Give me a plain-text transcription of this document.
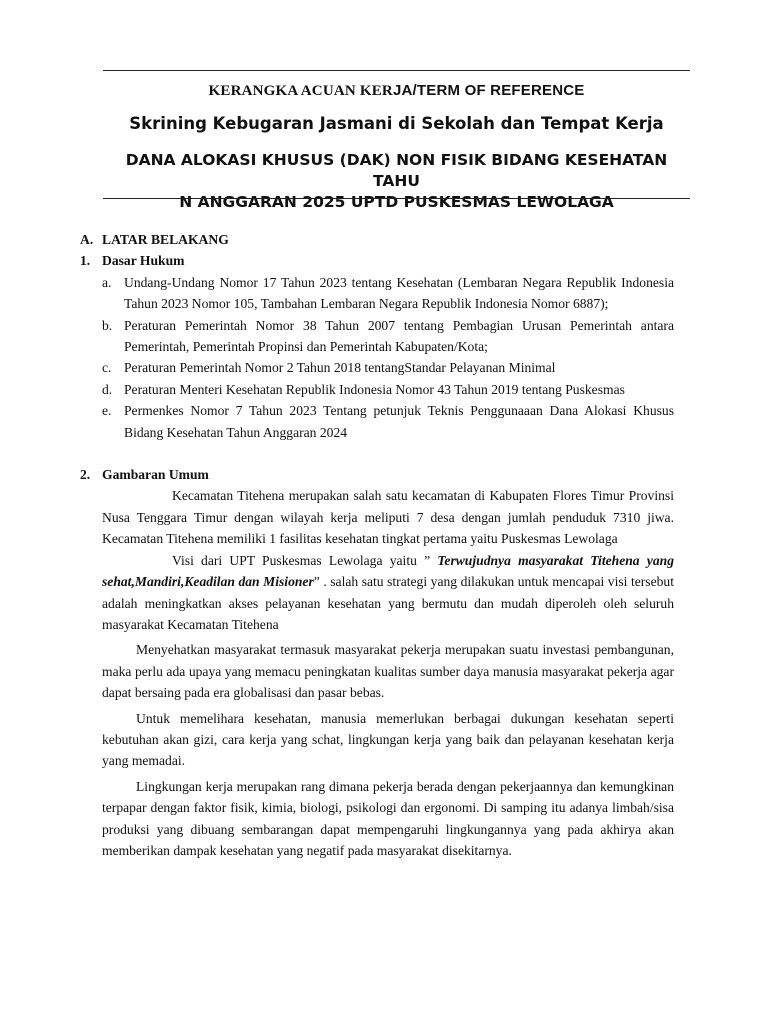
KERANGKA ACUAN KERJA/TERM OF REFERENCE
Skrining Kebugaran Jasmani di Sekolah dan Tempat Kerja
DANA ALOKASI KHUSUS (DAK) NON FISIK BIDANG KESEHATAN TAHU
N ANGGARAN 2025 UPTD PUSKESMAS LEWOLAGA
A. LATAR BELAKANG
1. Dasar Hukum
a. Undang-Undang Nomor 17 Tahun 2023 tentang Kesehatan (Lembaran Negara Republik Indonesia Tahun 2023 Nomor 105, Tambahan Lembaran Negara Republik Indonesia Nomor 6887);
b. Peraturan Pemerintah Nomor 38 Tahun 2007 tentang Pembagian Urusan Pemerintah antara Pemerintah, Pemerintah Propinsi dan Pemerintah Kabupaten/Kota;
c. Peraturan Pemerintah Nomor 2 Tahun 2018 tentangStandar Pelayanan Minimal
d. Peraturan Menteri Kesehatan Republik Indonesia Nomor 43 Tahun 2019 tentang Puskesmas
e. Permenkes Nomor 7 Tahun 2023 Tentang petunjuk Teknis Penggunaaan Dana Alokasi Khusus Bidang Kesehatan Tahun Anggaran 2024
2. Gambaran Umum

Kecamatan Titehena merupakan salah satu kecamatan di Kabupaten Flores Timur Provinsi Nusa Tenggara Timur dengan wilayah kerja meliputi 7 desa dengan jumlah penduduk 7310 jiwa. Kecamatan Titehena memiliki 1 fasilitas kesehatan tingkat pertama yaitu Puskesmas Lewolaga

Visi dari UPT Puskesmas Lewolaga yaitu ” Terwujudnya masyarakat Titehena yang sehat,Mandiri,Keadilan dan Misioner” . salah satu strategi yang dilakukan untuk mencapai visi tersebut adalah meningkatkan akses pelayanan kesehatan yang bermutu dan mudah diperoleh oleh seluruh masyarakat Kecamatan Titehena

Menyehatkan masyarakat termasuk masyarakat pekerja merupakan suatu investasi pembangunan, maka perlu ada upaya yang memacu peningkatan kualitas sumber daya manusia masyarakat pekerja agar dapat bersaing pada era globalisasi dan pasar bebas.

Untuk memelihara kesehatan, manusia memerlukan berbagai dukungan kesehatan seperti kebutuhan akan gizi, cara kerja yang schat, lingkungan kerja yang baik dan pelayanan kesehatan kerja yang memadai.

Lingkungan kerja merupakan rang dimana pekerja berada dengan pekerjaannya dan kemungkinan terpapar dengan faktor fisik, kimia, biologi, psikologi dan ergonomi. Di samping itu adanya limbah/sisa produksi yang dibuang sembarangan dapat mempengaruhi lingkungannya yang pada akhirya akan memberikan dampak kesehatan yang negatif pada masyarakat disekitarnya.
